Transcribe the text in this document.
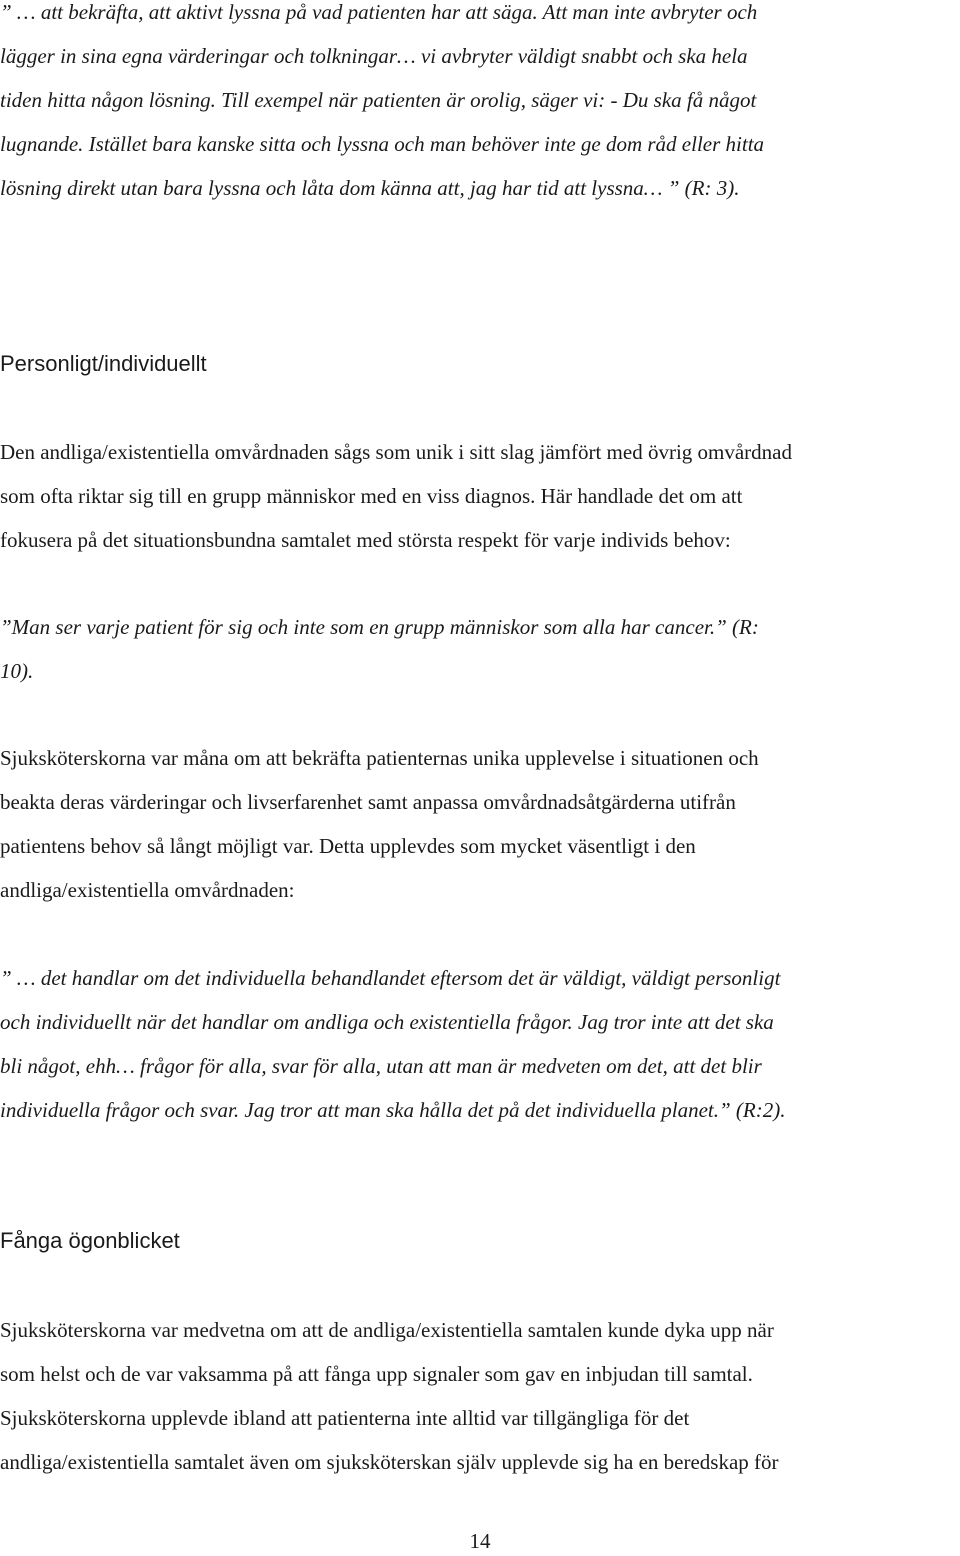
” … att bekräfta, att aktivt lyssna på vad patienten har att säga. Att man inte avbryter och
lägger in sina egna värderingar och tolkningar… vi avbryter väldigt snabbt och ska hela
tiden hitta någon lösning. Till exempel när patienten är orolig, säger vi: - Du ska få något
lugnande. Istället bara kanske sitta och lyssna och man behöver inte ge dom råd eller hitta
lösning direkt utan bara lyssna och låta dom känna att, jag har tid att lyssna… ” (R: 3).
Personligt/individuellt
Den andliga/existentiella omvårdnaden sågs som unik i sitt slag jämfört med övrig omvårdnad
som ofta riktar sig till en grupp människor med en viss diagnos. Här handlade det om att
fokusera på det situationsbundna samtalet med största respekt för varje individs behov:
”Man ser varje patient för sig och inte som en grupp människor som alla har cancer.” (R:
10).
Sjuksköterskorna var måna om att bekräfta patienternas unika upplevelse i situationen och
beakta deras värderingar och livserfarenhet samt anpassa omvårdnadsåtgärderna utifrån
patientens behov så långt möjligt var. Detta upplevdes som mycket väsentligt i den
andliga/existentiella omvårdnaden:
” … det handlar om det individuella behandlandet eftersom det är väldigt, väldigt personligt
och individuellt när det handlar om andliga och existentiella frågor. Jag tror inte att det ska
bli något, ehh… frågor för alla, svar för alla, utan att man är medveten om det, att det blir
individuella frågor och svar. Jag tror att man ska hålla det på det individuella planet.” (R:2).
Fånga ögonblicket
Sjuksköterskorna var medvetna om att de andliga/existentiella samtalen kunde dyka upp när
som helst och de var vaksamma på att fånga upp signaler som gav en inbjudan till samtal.
Sjuksköterskorna upplevde ibland att patienterna inte alltid var tillgängliga för det
andliga/existentiella samtalet även om sjuksköterskan själv upplevde sig ha en beredskap för
14
